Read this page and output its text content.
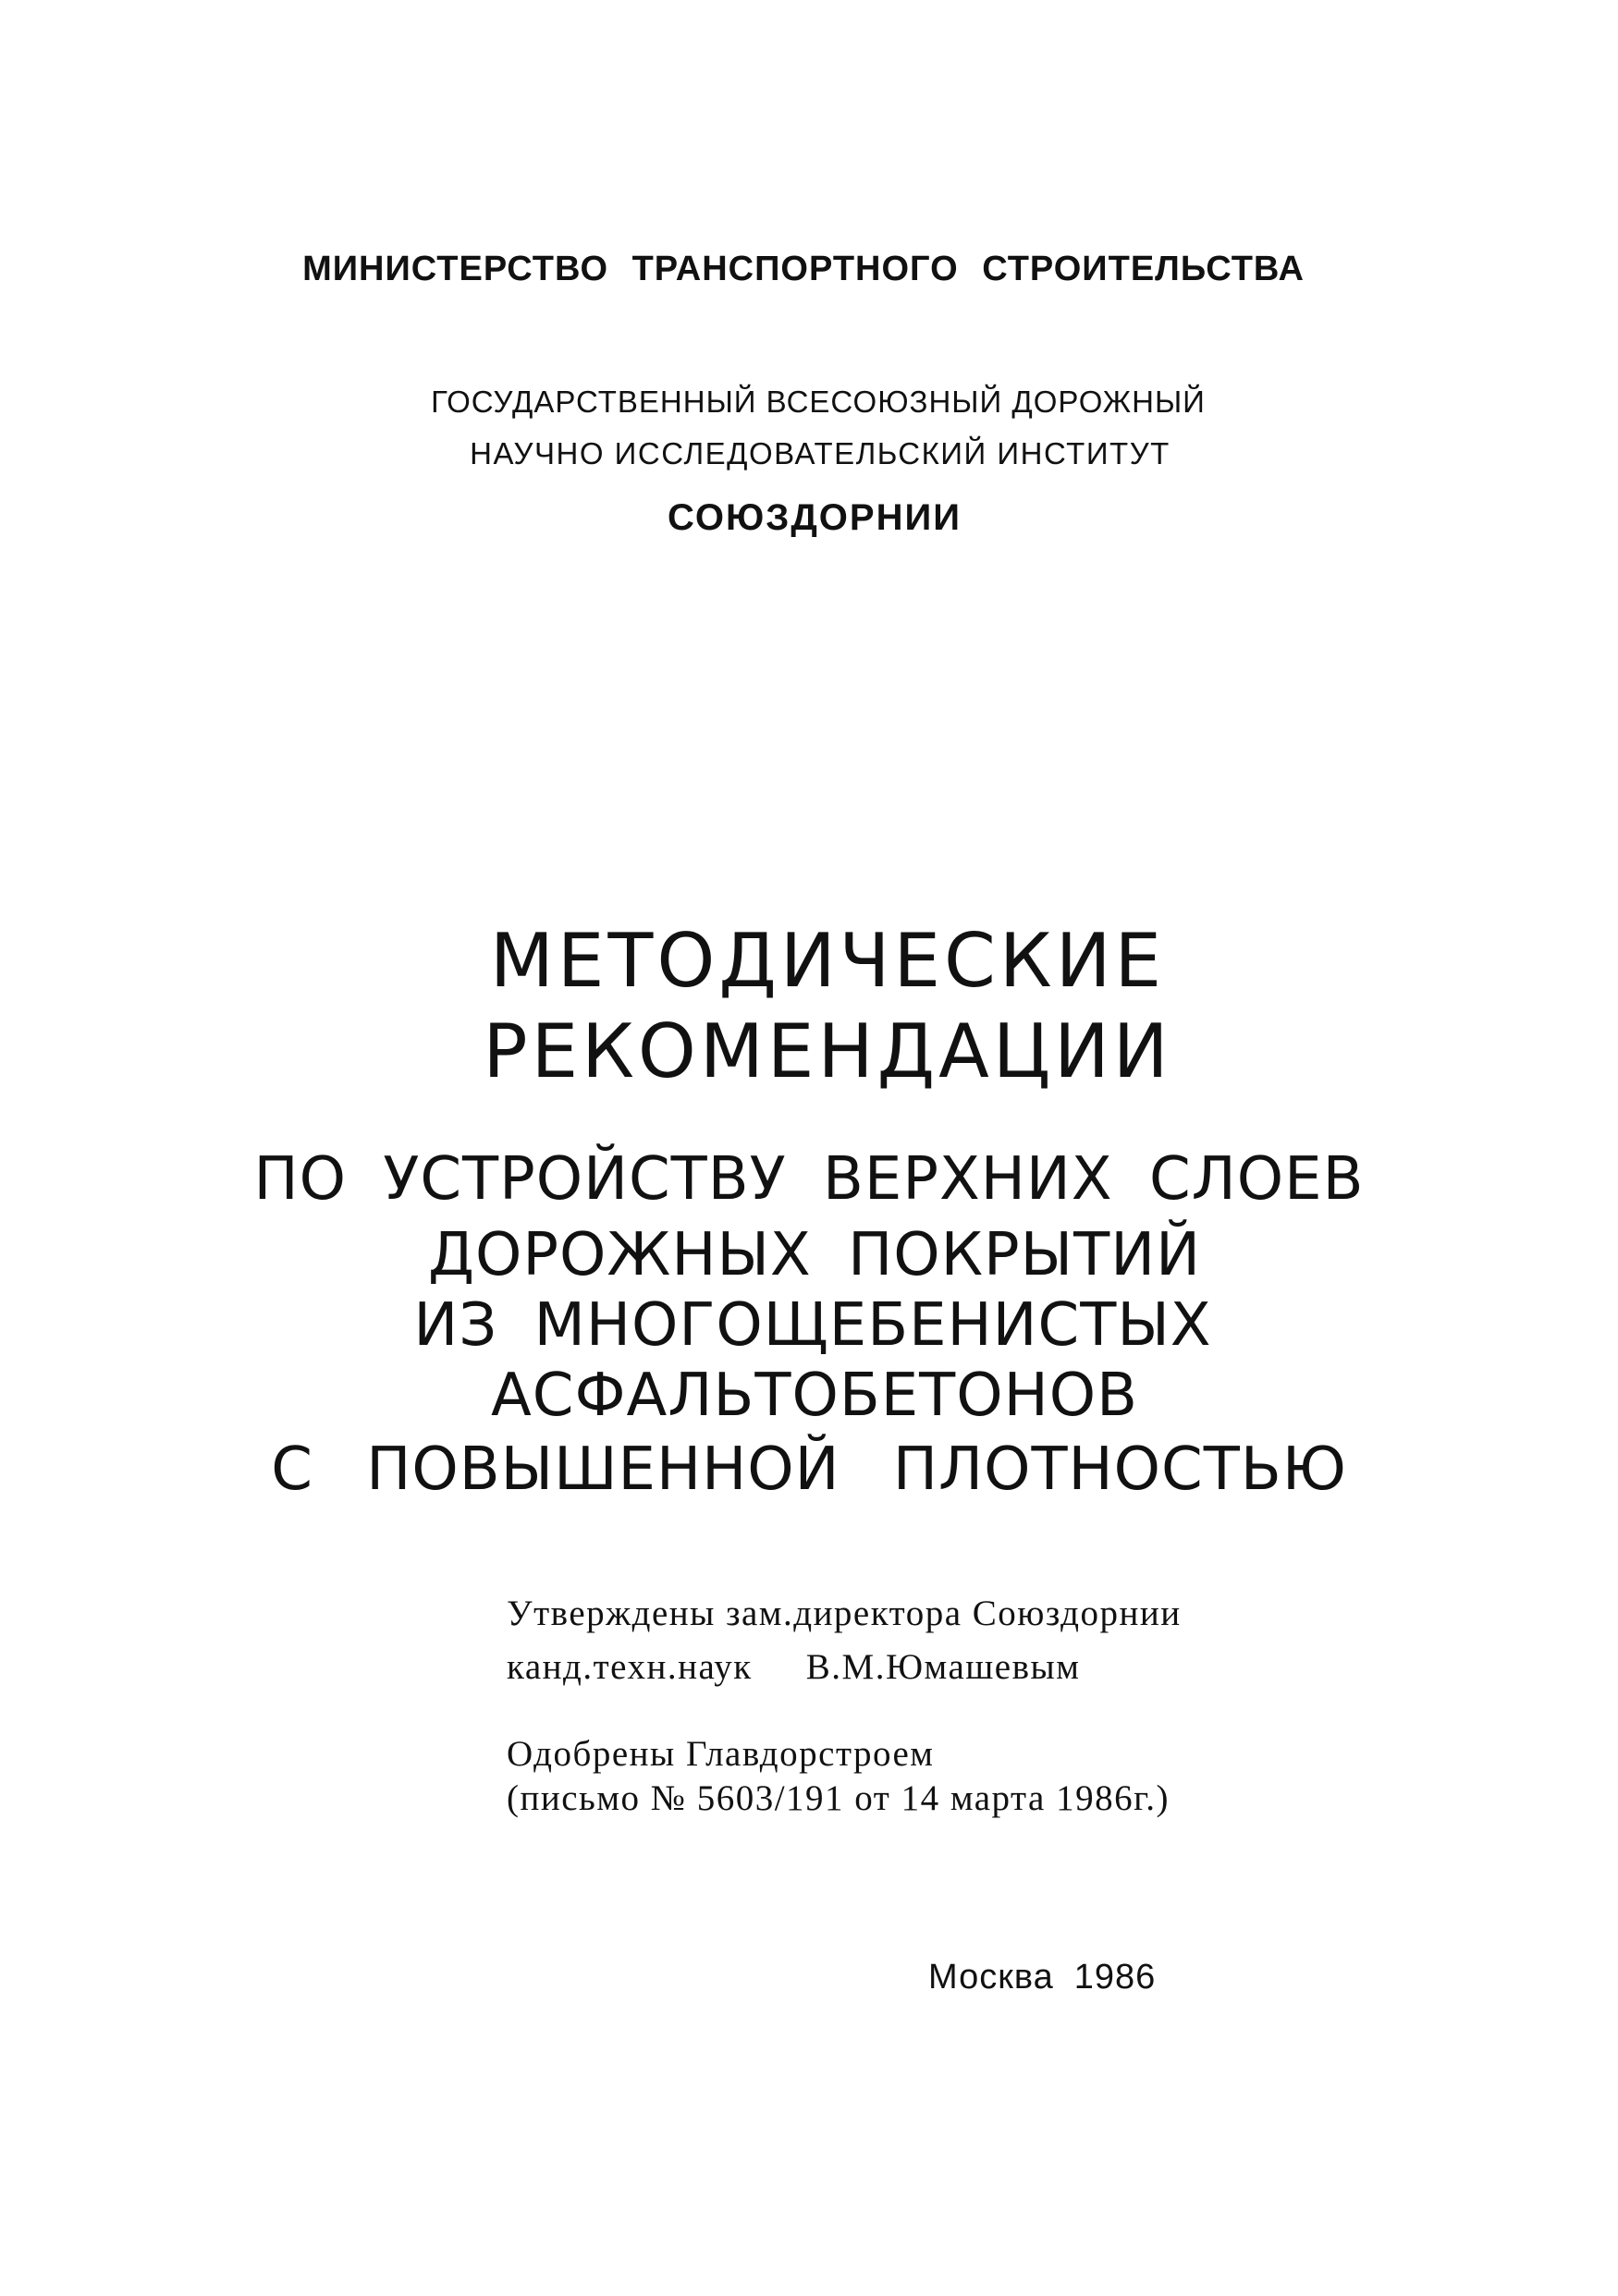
МИНИСТЕРСТВО ТРАНСПОРТНОГО СТРОИТЕЛЬСТВА
ГОСУДАРСТВЕННЫЙ ВСЕСОЮЗНЫЙ ДОРОЖНЫЙ
НАУЧНО ИССЛЕДОВАТЕЛЬСКИЙ ИНСТИТУТ
СОЮЗДОРНИИ
МЕТОДИЧЕСКИЕ
РЕКОМЕНДАЦИИ
ПО УСТРОЙСТВУ ВЕРХНИХ СЛОЕВ
ДОРОЖНЫХ ПОКРЫТИЙ
ИЗ МНОГОЩЕБЕНИСТЫХ
АСФАЛЬТОБЕТОНОВ
С ПОВЫШЕННОЙ ПЛОТНОСТЬЮ
Утверждены зам.директора Союздорнии
канд.техн.наук В.М.Юмашевым
Одобрены Главдорстроем
(письмо № 5603/191 от 14 марта 1986г.)
Москва 1986
